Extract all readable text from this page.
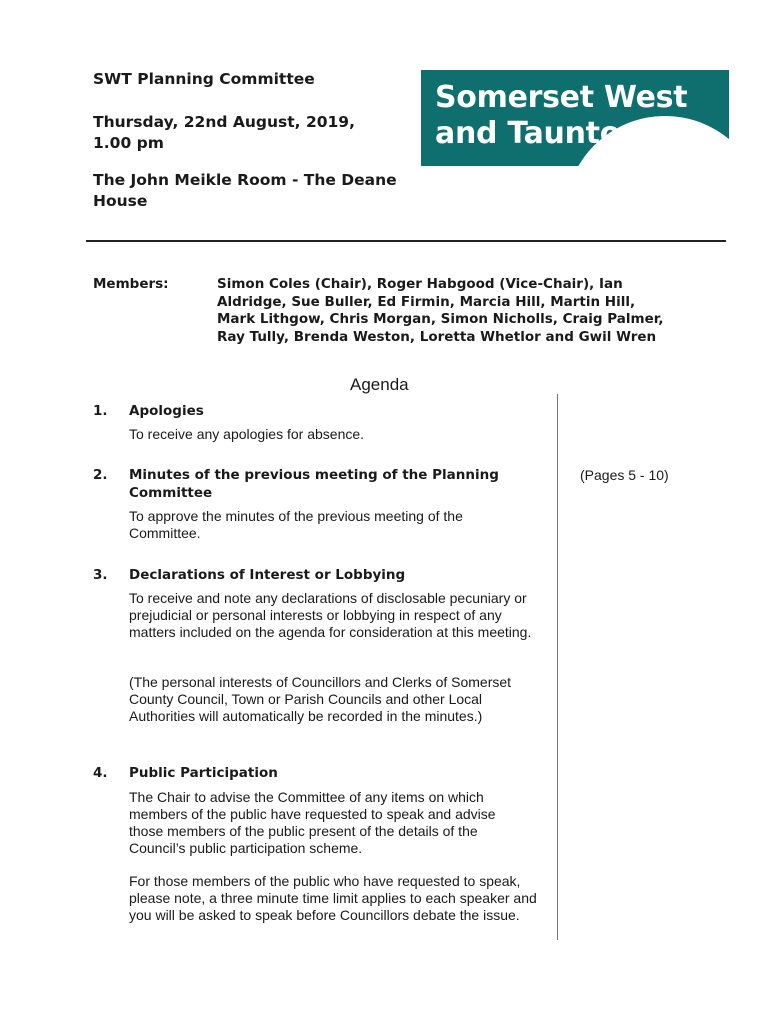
SWT Planning Committee
Thursday, 22nd August, 2019, 1.00 pm
The John Meikle Room - The Deane House
Somerset West
and Taunton
Members:	Simon Coles (Chair), Roger Habgood (Vice-Chair), Ian Aldridge, Sue Buller, Ed Firmin, Marcia Hill, Martin Hill, Mark Lithgow, Chris Morgan, Simon Nicholls, Craig Palmer, Ray Tully, Brenda Weston, Loretta Whetlor and Gwil Wren
Agenda
1. Apologies
To receive any apologies for absence.
2. Minutes of the previous meeting of the Planning Committee
To approve the minutes of the previous meeting of the Committee.
(Pages 5 - 10)
3. Declarations of Interest or Lobbying
To receive and note any declarations of disclosable pecuniary or prejudicial or personal interests or lobbying in respect of any matters included on the agenda for consideration at this meeting.
(The personal interests of Councillors and Clerks of Somerset County Council, Town or Parish Councils and other Local Authorities will automatically be recorded in the minutes.)
4. Public Participation
The Chair to advise the Committee of any items on which members of the public have requested to speak and advise those members of the public present of the details of the Council’s public participation scheme.
For those members of the public who have requested to speak, please note, a three minute time limit applies to each speaker and you will be asked to speak before Councillors debate the issue.
